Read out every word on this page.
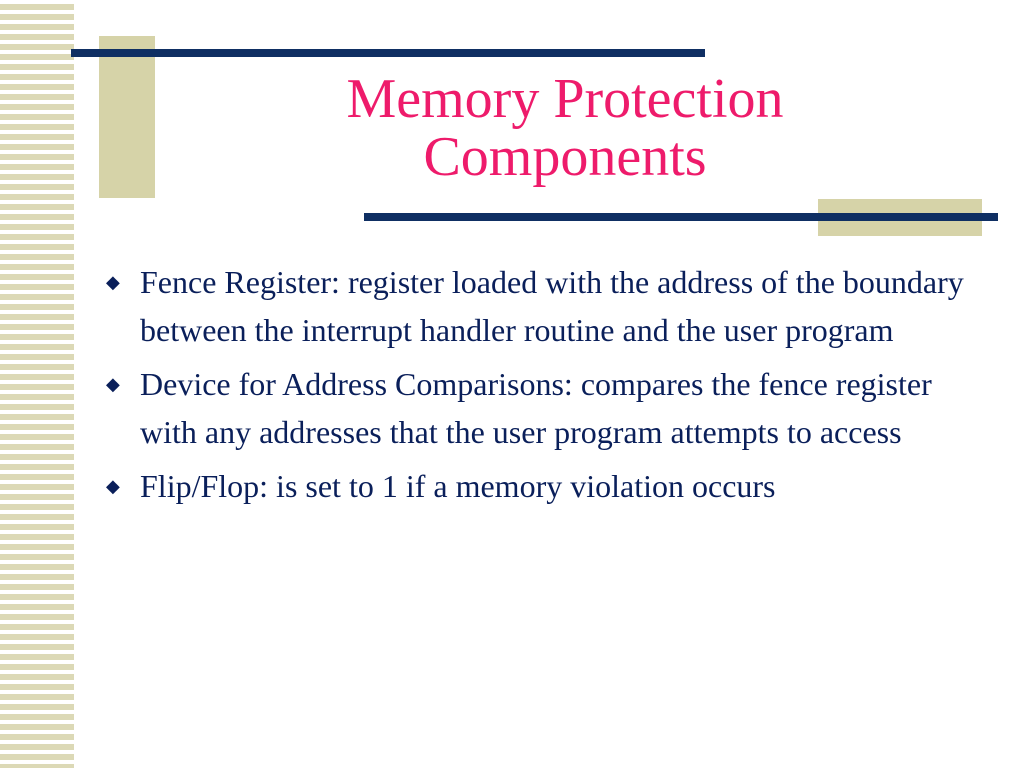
Memory Protection
Components
◆ Fence Register: register loaded with the address of the boundary between the interrupt handler routine and the user program
◆ Device for Address Comparisons: compares the fence register with any addresses that the user program attempts to access
◆ Flip/Flop: is set to 1 if a memory violation occurs
